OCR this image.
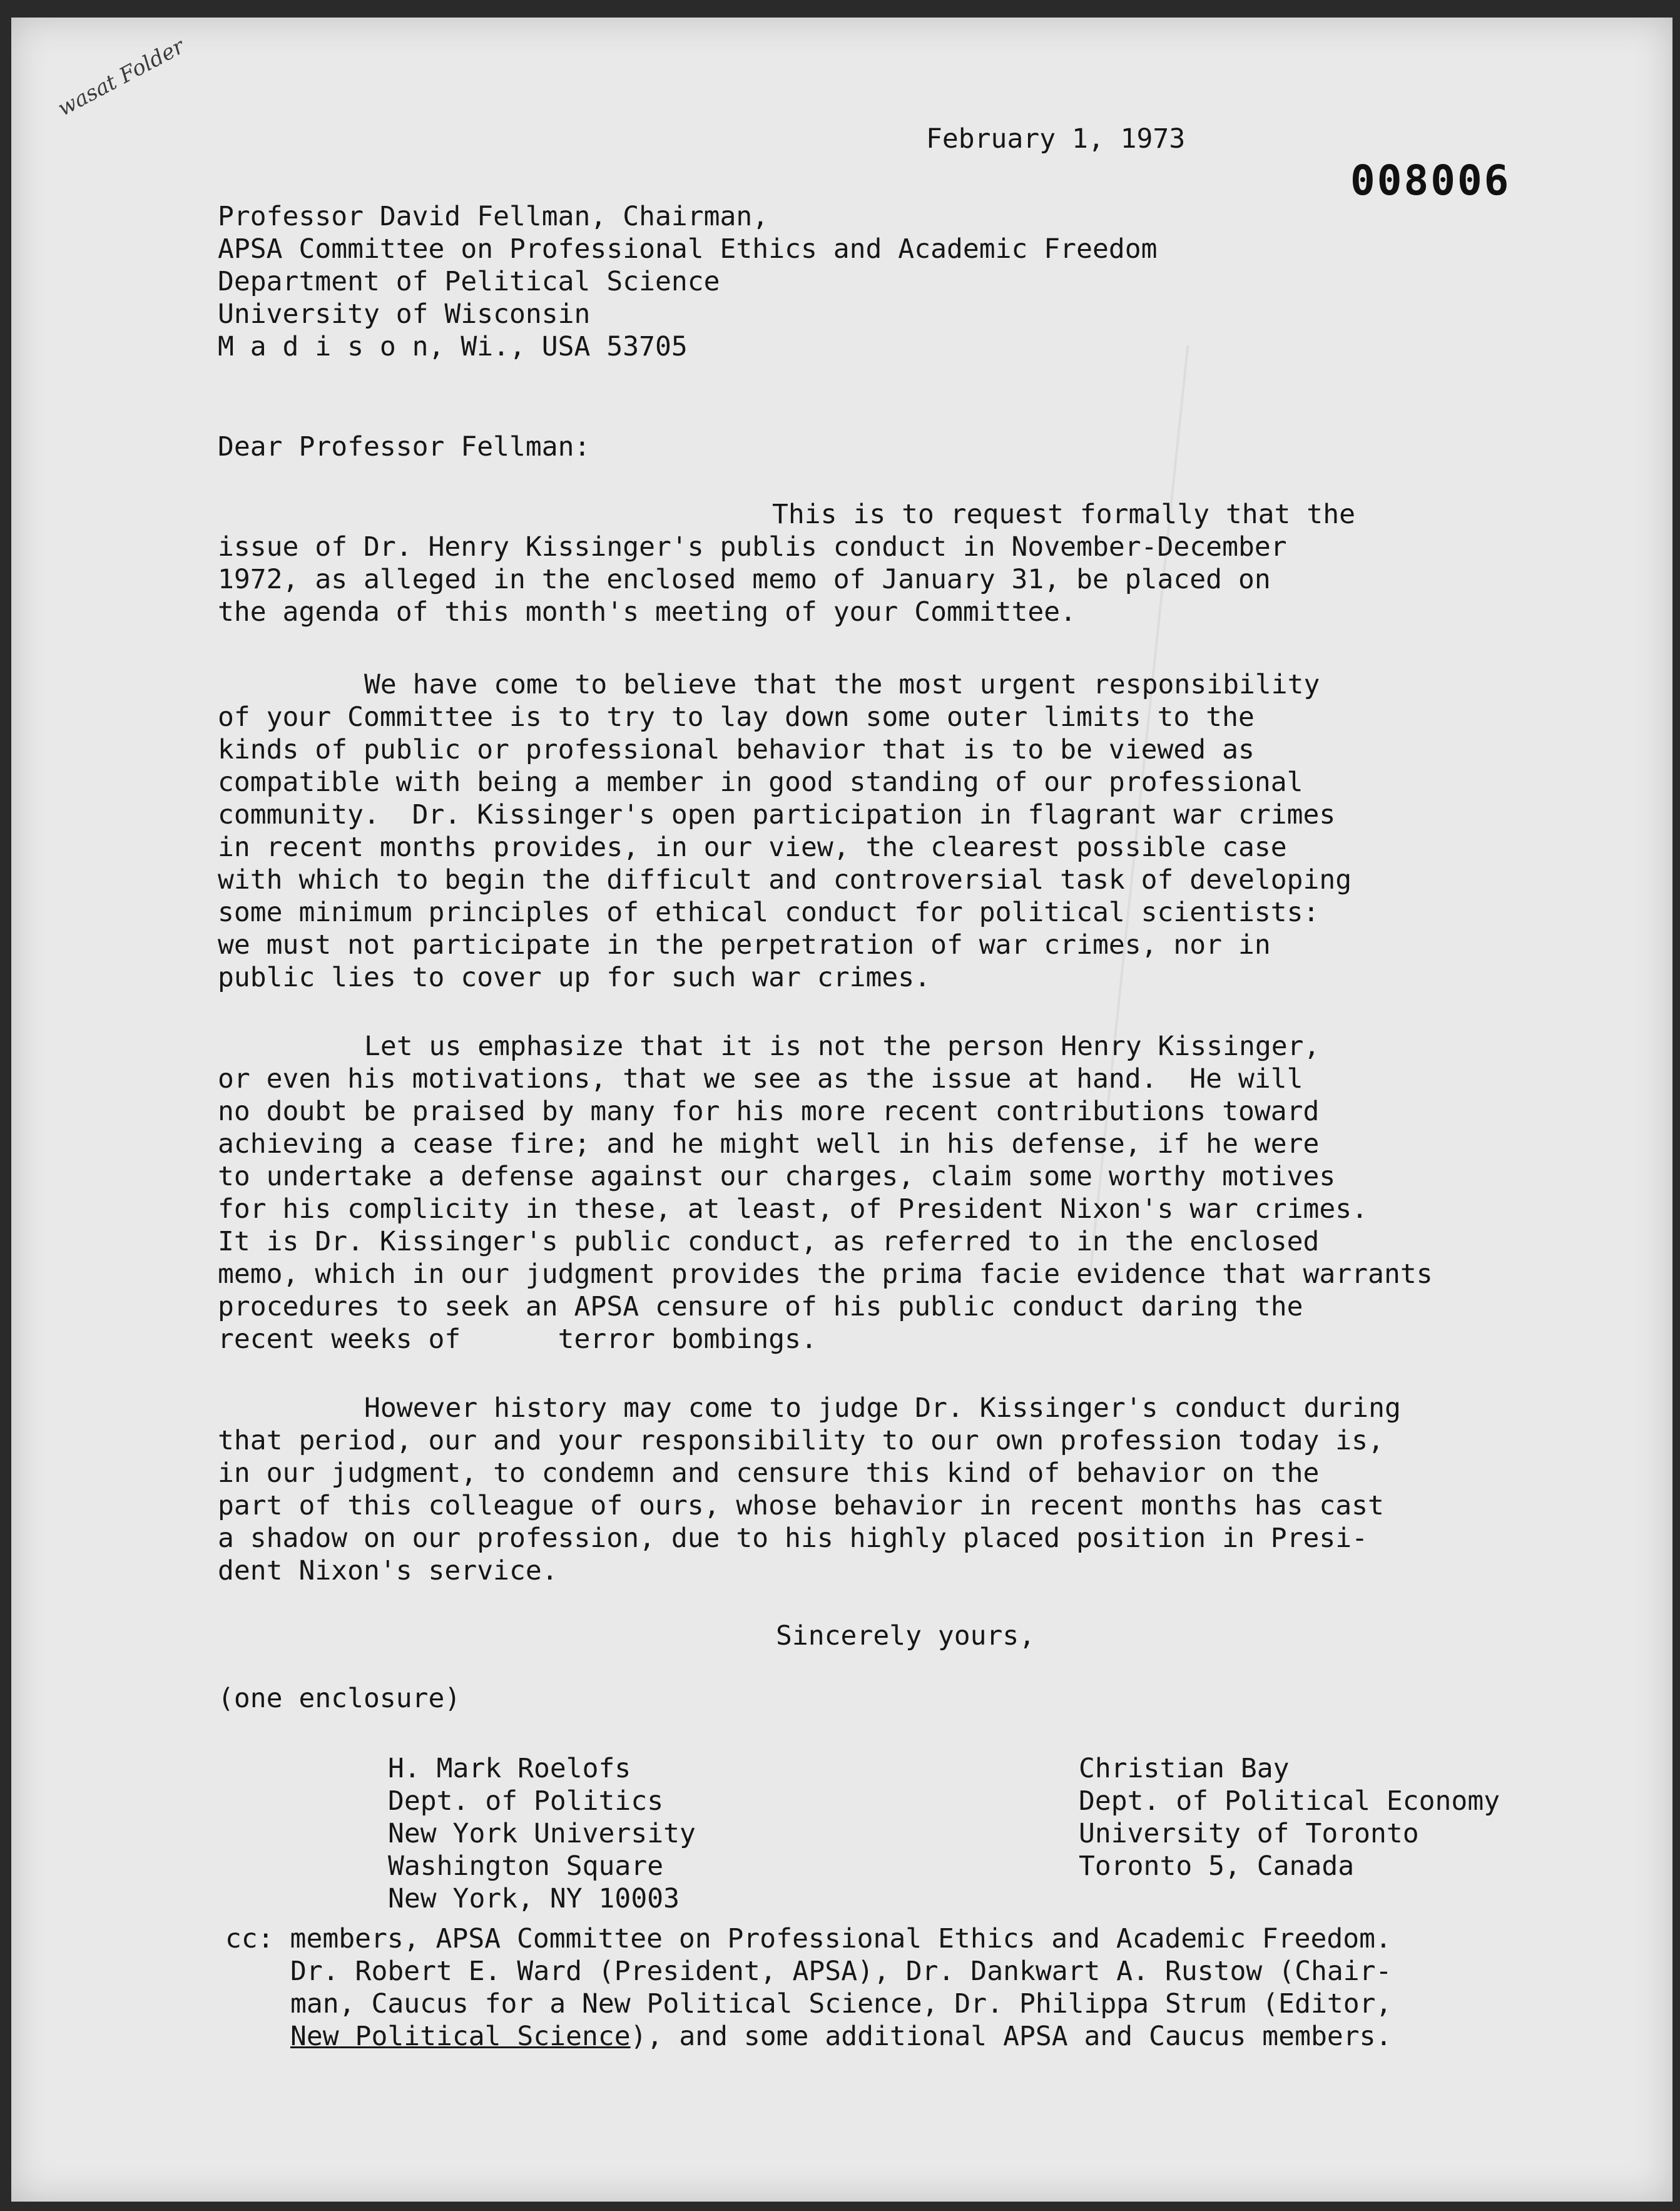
wasat Folder
February 1, 1973
008006
Professor David Fellman, Chairman,
APSA Committee on Professional Ethics and Academic Freedom
Department of Pelitical Science
University of Wisconsin
M a d i s o n, Wi., USA 53705
Dear Professor Fellman:
This is to request formally that the
issue of Dr. Henry Kissinger's publis conduct in November-December
1972, as alleged in the enclosed memo of January 31, be placed on
the agenda of this month's meeting of your Committee.
We have come to believe that the most urgent responsibility
of your Committee is to try to lay down some outer limits to the
kinds of public or professional behavior that is to be viewed as
compatible with being a member in good standing of our professional
community.  Dr. Kissinger's open participation in flagrant war crimes
in recent months provides, in our view, the clearest possible case
with which to begin the difficult and controversial task of developing
some minimum principles of ethical conduct for political scientists:
we must not participate in the perpetration of war crimes, nor in
public lies to cover up for such war crimes.
Let us emphasize that it is not the person Henry Kissinger,
or even his motivations, that we see as the issue at hand.  He will
no doubt be praised by many for his more recent contributions toward
achieving a cease fire; and he might well in his defense, if he were
to undertake a defense against our charges, claim some worthy motives
for his complicity in these, at least, of President Nixon's war crimes.
It is Dr. Kissinger's public conduct, as referred to in the enclosed
memo, which in our judgment provides the prima facie evidence that warrants
procedures to seek an APSA censure of his public conduct daring the
recent weeks of      terror bombings.
However history may come to judge Dr. Kissinger's conduct during
that period, our and your responsibility to our own profession today is,
in our judgment, to condemn and censure this kind of behavior on the
part of this colleague of ours, whose behavior in recent months has cast
a shadow on our profession, due to his highly placed position in Presi-
dent Nixon's service.
Sincerely yours,
(one enclosure)
H. Mark Roelofs
Dept. of Politics
New York University
Washington Square
New York, NY 10003
Christian Bay
Dept. of Political Economy
University of Toronto
Toronto 5, Canada
cc: members, APSA Committee on Professional Ethics and Academic Freedom.
Dr. Robert E. Ward (President, APSA), Dr. Dankwart A. Rustow (Chair-
man, Caucus for a New Political Science, Dr. Philippa Strum (Editor,
New Political Science), and some additional APSA and Caucus members.
